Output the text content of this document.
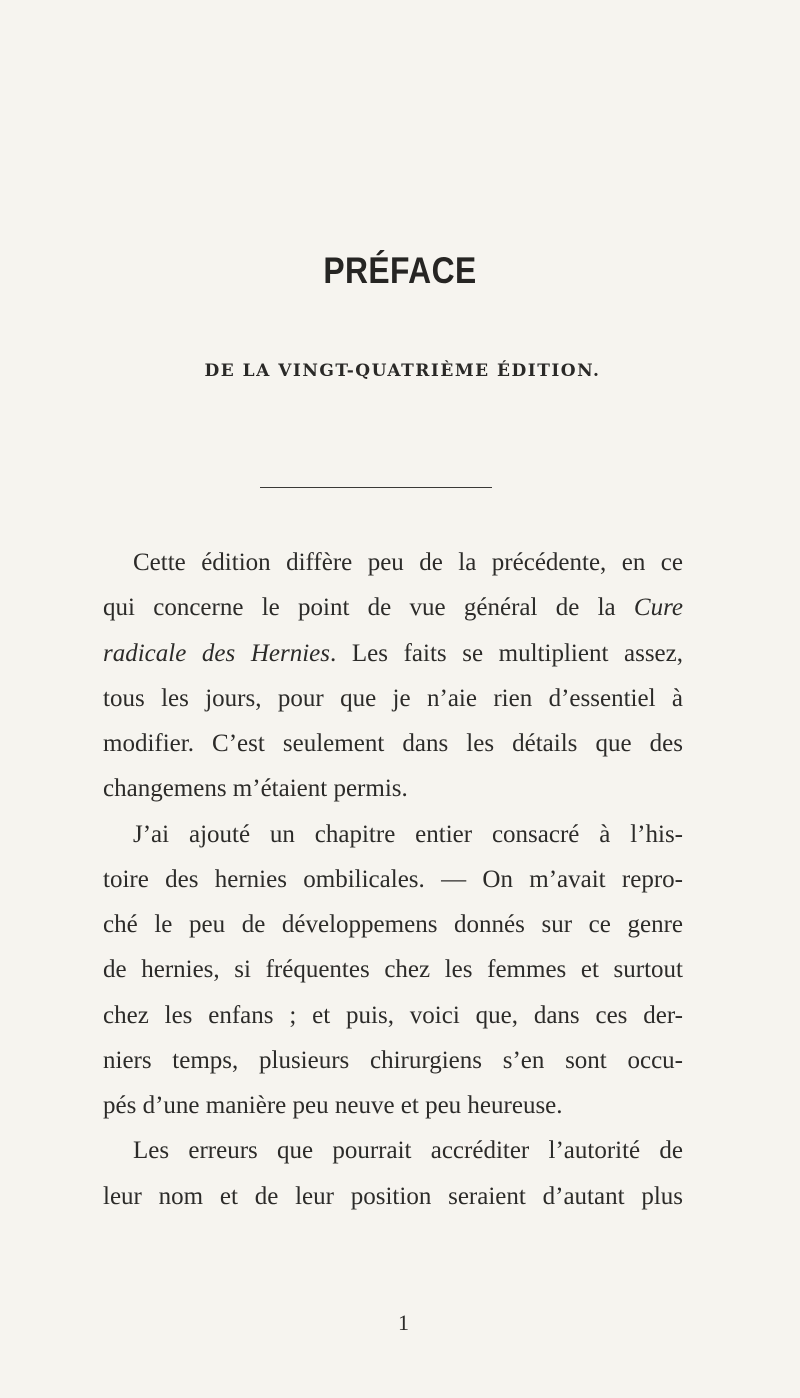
PRÉFACE
DE LA VINGT-QUATRIÈME ÉDITION.
Cette édition diffère peu de la précédente, en ce
qui concerne le point de vue général de la Cure
radicale des Hernies. Les faits se multiplient assez,
tous les jours, pour que je n’aie rien d’essentiel à
modifier. C’est seulement dans les détails que des
changemens m’étaient permis.
J’ai ajouté un chapitre entier consacré à l’his-
toire des hernies ombilicales. — On m’avait repro-
ché le peu de développemens donnés sur ce genre
de hernies, si fréquentes chez les femmes et surtout
chez les enfans ; et puis, voici que, dans ces der-
niers temps, plusieurs chirurgiens s’en sont occu-
pés d’une manière peu neuve et peu heureuse.
Les erreurs que pourrait accréditer l’autorité de
leur nom et de leur position seraient d’autant plus
1
